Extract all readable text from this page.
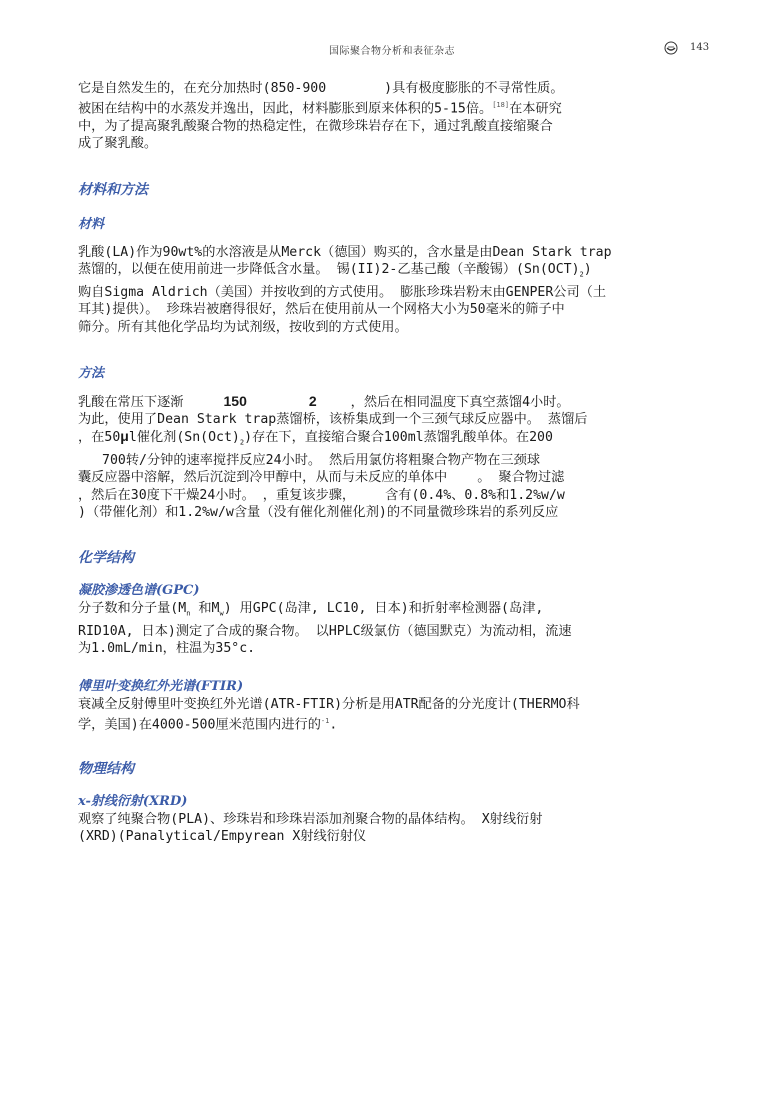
国际聚合物分析和表征杂志	143

它是自然发生的，在充分加热时(850-900	)具有极度膨胀的不寻常性质。
被困在结构中的水蒸发并逸出，因此，材料膨胀到原来体积的5-15倍。[18]在本研究
中，为了提高聚乳酸聚合物的热稳定性，在微珍珠岩存在下，通过乳酸直接缩聚合
成了聚乳酸。

材料和方法
材料

乳酸(LA)作为90wt%的水溶液是从Merck（德国）购买的，含水量是由Dean Stark trap
蒸馏的，以便在使用前进一步降低含水量。 锡(II)2-乙基己酸（辛酸锡）$(Sn(OCT)_2)$
购自Sigma Aldrich（美国）并按收到的方式使用。 膨胀珍珠岩粉末由GENPER公司（土
耳其)提供）。 珍珠岩被磨得很好，然后在使用前从一个网格大小为50毫米的筛子中
筛分。所有其他化学品均为试剂级，按收到的方式使用。

方法

乳酸在常压下逐渐	150	2	，然后在相同温度下真空蒸馏4小时。
为此，使用了Dean Stark trap蒸馏桥，该桥集成到一个三颈气球反应器中。 蒸馏后
，在50μl催化剂$(Sn(Oct)_2)$存在下，直接缩合聚合100ml蒸馏乳酸单体。在200
700转/分钟的速率搅拌反应24小时。 然后用氯仿将粗聚合物产物在三颈球
囊反应器中溶解，然后沉淀到冷甲醇中，从而与未反应的单体中 。 聚合物过滤
，然后在30度下干燥24小时。 ，重复该步骤， 含有(0.4%、0.8%和1.2%w/w
)（带催化剂）和1.2%w/w含量（没有催化剂催化剂)的不同量微珍珠岩的系列反应

化学结构
凝胶渗透色谱(GPC)

分子数和分子量($M_n$ 和$M_w$) 用GPC(岛津, LC10, 日本)和折射率检测器(岛津,
RID10A, 日本)测定了合成的聚合物。 以HPLC级氯仿（德国默克）为流动相，流速
为1.0mL/min，柱温为35°c.

傅里叶变换红外光谱(FTIR)

衰减全反射傅里叶变换红外光谱(ATR-FTIR)分析是用ATR配备的分光度计(THERMO科
学，美国)在4000-500厘米范围内进行的$^{-1}$.

物理结构
x-射线衍射(XRD)

观察了纯聚合物(PLA)、珍珠岩和珍珠岩添加剂聚合物的晶体结构。 X射线衍射
(XRD)(Panalytical/Empyrean X射线衍射仪
